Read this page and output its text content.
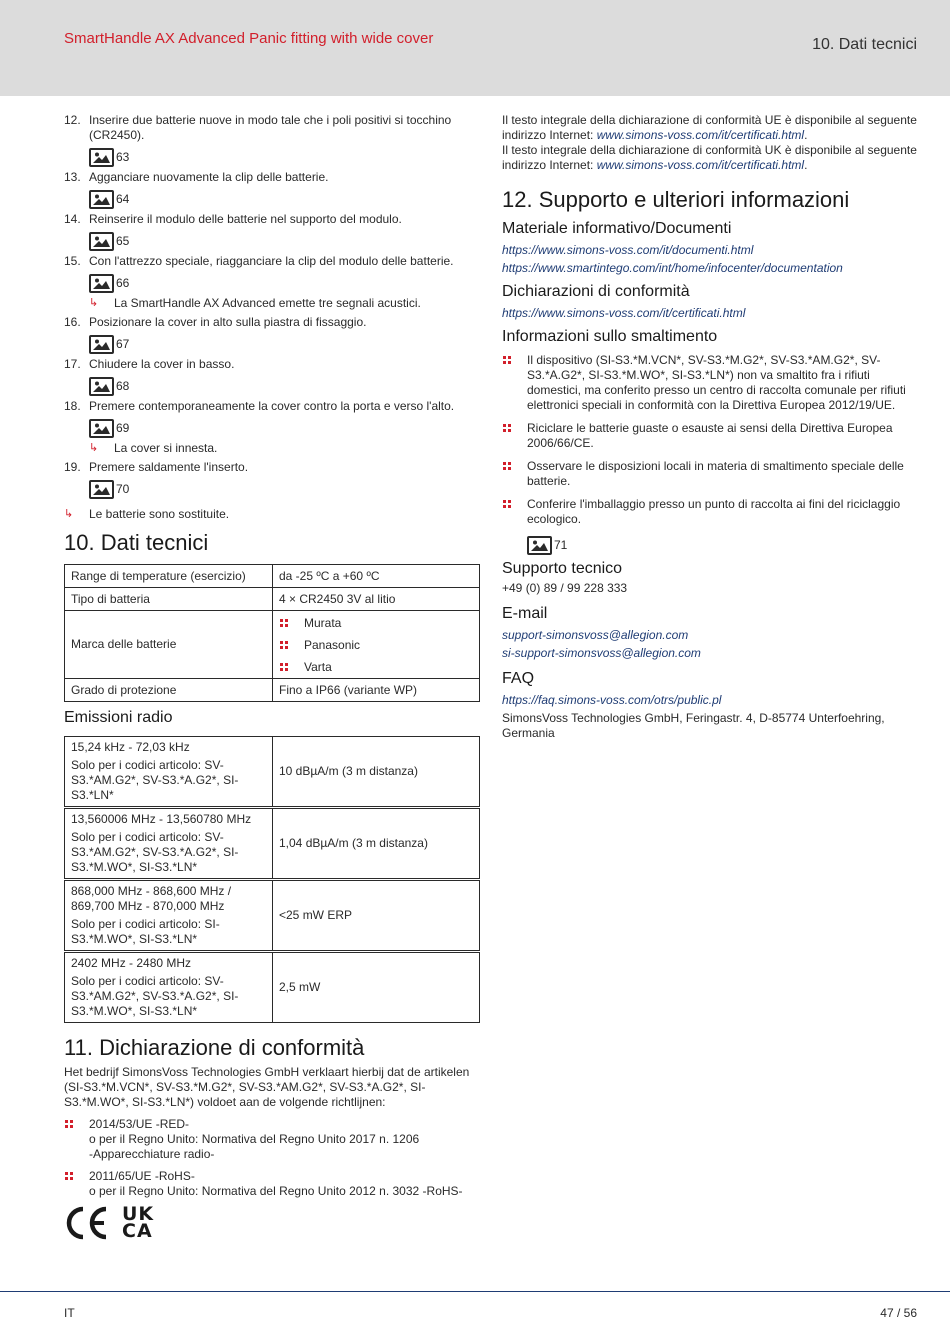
SmartHandle AX Advanced Panic fitting with wide cover	10. Dati tecnici
12. Inserire due batterie nuove in modo tale che i poli positivi si tocchino (CR2450).
63
13. Agganciare nuovamente la clip delle batterie.
64
14. Reinserire il modulo delle batterie nel supporto del modulo.
65
15. Con l'attrezzo speciale, riagganciare la clip del modulo delle batterie.
66
↳ La SmartHandle AX Advanced emette tre segnali acustici.
16. Posizionare la cover in alto sulla piastra di fissaggio.
67
17. Chiudere la cover in basso.
68
18. Premere contemporaneamente la cover contro la porta e verso l'alto.
69
↳ La cover si innesta.
19. Premere saldamente l'inserto.
70
↳ Le batterie sono sostituite.
10. Dati tecnici
Range di temperature (esercizio)	da -25 ºC a +60 ºC
Tipo di batteria	4 × CR2450 3V al litio
Marca delle batterie	Murata
Panasonic
Varta

Grado di protezione	Fino a IP66 (variante WP)
Emissioni radio
15,24 kHz - 72,03 kHz
Solo per i codici articolo: SV-S3.*AM.G2*, SV-S3.*A.G2*, SI-S3.*LN*	10 dBµA/m (3 m distanza)

13,560006 MHz - 13,560780 MHz
Solo per i codici articolo: SV-S3.*AM.G2*, SV-S3.*A.G2*, SI-S3.*M.WO*, SI-S3.*LN*	1,04 dBµA/m (3 m distanza)

868,000 MHz - 868,600 MHz / 869,700 MHz - 870,000 MHz
Solo per i codici articolo: SI-S3.*M.WO*, SI-S3.*LN*	<25 mW ERP

2402 MHz - 2480 MHz
Solo per i codici articolo: SV-S3.*AM.G2*, SV-S3.*A.G2*, SI-S3.*M.WO*, SI-S3.*LN*	2,5 mW
11. Dichiarazione di conformità
Het bedrijf SimonsVoss Technologies GmbH verklaart hierbij dat de artikelen (SI-S3.*M.VCN*, SV-S3.*M.G2*, SV-S3.*AM.G2*, SV-S3.*A.G2*, SI-S3.*M.WO*, SI-S3.*LN*) voldoet aan de volgende richtlijnen:
2014/53/UE -RED-
o per il Regno Unito: Normativa del Regno Unito 2017 n. 1206
-Apparecchiature radio-
2011/65/UE -RoHS-
o per il Regno Unito: Normativa del Regno Unito 2012 n. 3032 -RoHS-
UK
CA
Il testo integrale della dichiarazione di conformità UE è disponibile al seguente indirizzo Internet: www.simons-voss.com/it/certificati.html.
Il testo integrale della dichiarazione di conformità UK è disponibile al seguente indirizzo Internet: www.simons-voss.com/it/certificati.html.
12. Supporto e ulteriori informazioni
Materiale informativo/Documenti
https://www.simons-voss.com/it/documenti.html
https://www.smartintego.com/int/home/infocenter/documentation
Dichiarazioni di conformità
https://www.simons-voss.com/it/certificati.html
Informazioni sullo smaltimento
Il dispositivo (SI-S3.*M.VCN*, SV-S3.*M.G2*, SV-S3.*AM.G2*, SV-S3.*A.G2*, SI-S3.*M.WO*, SI-S3.*LN*) non va smaltito fra i rifiuti domestici, ma conferito presso un centro di raccolta comunale per rifiuti elettronici speciali in conformità con la Direttiva Europea 2012/19/UE.
Riciclare le batterie guaste o esauste ai sensi della Direttiva Europea 2006/66/CE.
Osservare le disposizioni locali in materia di smaltimento speciale delle batterie.
Conferire l'imballaggio presso un punto di raccolta ai fini del riciclaggio ecologico.
71
Supporto tecnico
+49 (0) 89 / 99 228 333
E-mail
support-simonsvoss@allegion.com
si-support-simonsvoss@allegion.com
FAQ
https://faq.simons-voss.com/otrs/public.pl
SimonsVoss Technologies GmbH, Feringastr. 4, D-85774 Unterfoehring, Germania
IT	47 / 56
